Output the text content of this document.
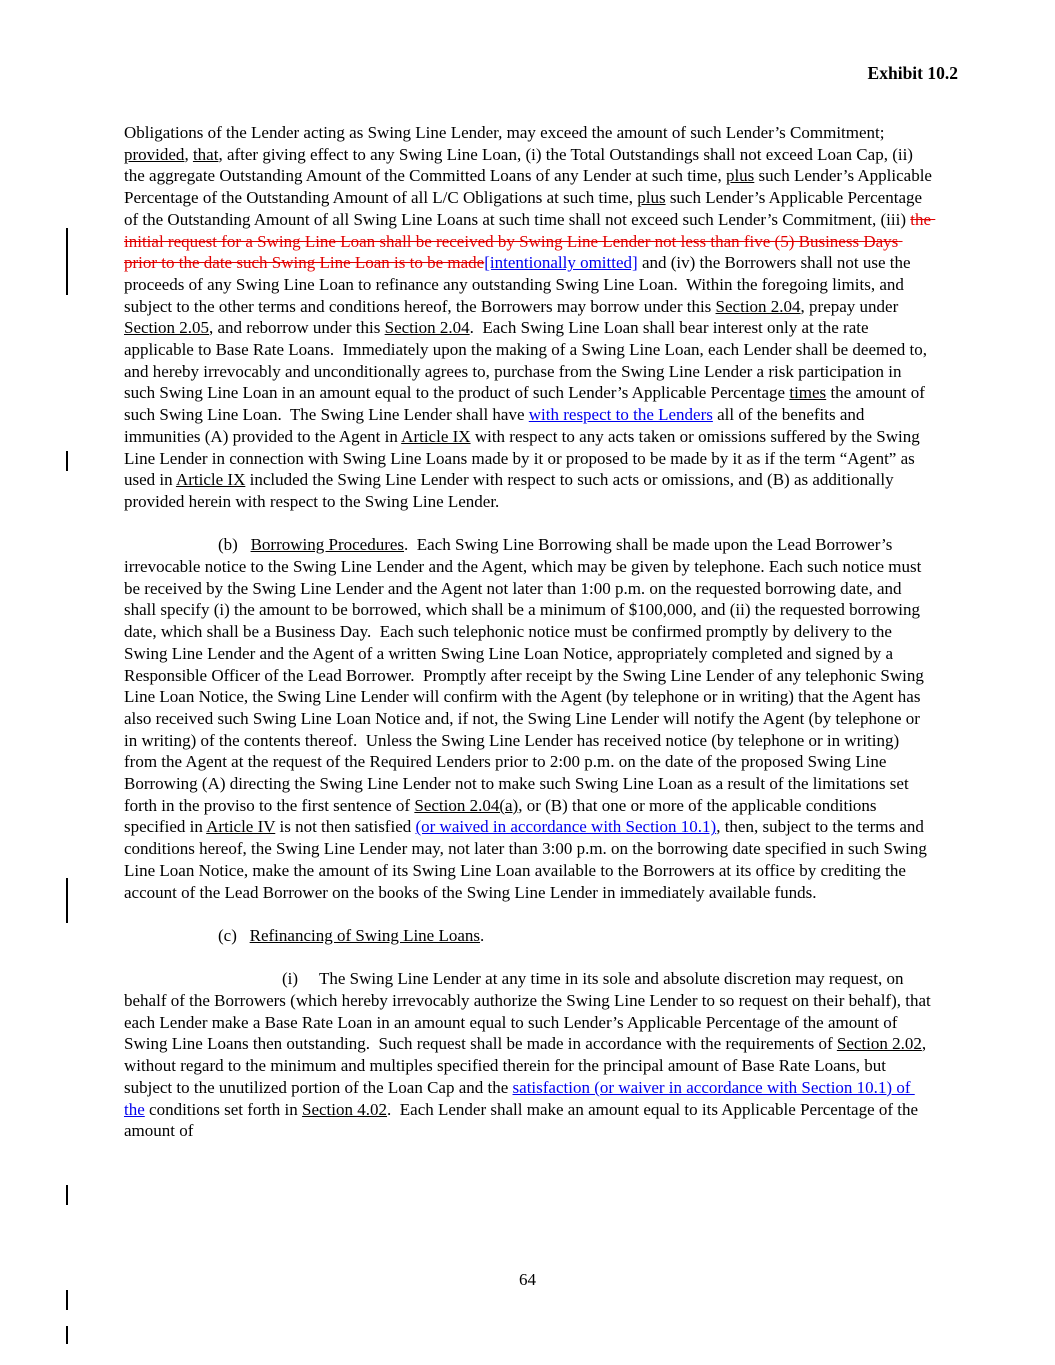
Exhibit 10.2

Obligations of the Lender acting as Swing Line Lender, may exceed the amount of such Lender’s Commitment; provided, that, after giving effect to any Swing Line Loan, (i) the Total Outstandings shall not exceed Loan Cap, (ii) the aggregate Outstanding Amount of the Committed Loans of any Lender at such time, plus such Lender’s Applicable Percentage of the Outstanding Amount of all L/C Obligations at such time, plus such Lender’s Applicable Percentage of the Outstanding Amount of all Swing Line Loans at such time shall not exceed such Lender’s Commitment, (iii) the initial request for a Swing Line Loan shall be received by Swing Line Lender not less than five (5) Business Days prior to the date such Swing Line Loan is to be made[intentionally omitted] and (iv) the Borrowers shall not use the proceeds of any Swing Line Loan to refinance any outstanding Swing Line Loan.  Within the foregoing limits, and subject to the other terms and conditions hereof, the Borrowers may borrow under this Section 2.04, prepay under Section 2.05, and reborrow under this Section 2.04.  Each Swing Line Loan shall bear interest only at the rate applicable to Base Rate Loans.  Immediately upon the making of a Swing Line Loan, each Lender shall be deemed to, and hereby irrevocably and unconditionally agrees to, purchase from the Swing Line Lender a risk participation in such Swing Line Loan in an amount equal to the product of such Lender’s Applicable Percentage times the amount of such Swing Line Loan.  The Swing Line Lender shall have with respect to the Lenders all of the benefits and immunities (A) provided to the Agent in Article IX with respect to any acts taken or omissions suffered by the Swing Line Lender in connection with Swing Line Loans made by it or proposed to be made by it as if the term “Agent” as used in Article IX included the Swing Line Lender with respect to such acts or omissions, and (B) as additionally provided herein with respect to the Swing Line Lender.

(b)   Borrowing Procedures.  Each Swing Line Borrowing shall be made upon the Lead Borrower’s irrevocable notice to the Swing Line Lender and the Agent, which may be given by telephone. Each such notice must be received by the Swing Line Lender and the Agent not later than 1:00 p.m. on the requested borrowing date, and shall specify (i) the amount to be borrowed, which shall be a minimum of $100,000, and (ii) the requested borrowing date, which shall be a Business Day.  Each such telephonic notice must be confirmed promptly by delivery to the Swing Line Lender and the Agent of a written Swing Line Loan Notice, appropriately completed and signed by a Responsible Officer of the Lead Borrower.  Promptly after receipt by the Swing Line Lender of any telephonic Swing Line Loan Notice, the Swing Line Lender will confirm with the Agent (by telephone or in writing) that the Agent has also received such Swing Line Loan Notice and, if not, the Swing Line Lender will notify the Agent (by telephone or in writing) of the contents thereof.  Unless the Swing Line Lender has received notice (by telephone or in writing) from the Agent at the request of the Required Lenders prior to 2:00 p.m. on the date of the proposed Swing Line Borrowing (A) directing the Swing Line Lender not to make such Swing Line Loan as a result of the limitations set forth in the proviso to the first sentence of Section 2.04(a), or (B) that one or more of the applicable conditions specified in Article IV is not then satisfied (or waived in accordance with Section 10.1), then, subject to the terms and conditions hereof, the Swing Line Lender may, not later than 3:00 p.m. on the borrowing date specified in such Swing Line Loan Notice, make the amount of its Swing Line Loan available to the Borrowers at its office by crediting the account of the Lead Borrower on the books of the Swing Line Lender in immediately available funds.

(c)   Refinancing of Swing Line Loans.

(i)     The Swing Line Lender at any time in its sole and absolute discretion may request, on behalf of the Borrowers (which hereby irrevocably authorize the Swing Line Lender to so request on their behalf), that each Lender make a Base Rate Loan in an amount equal to such Lender’s Applicable Percentage of the amount of Swing Line Loans then outstanding.  Such request shall be made in accordance with the requirements of Section 2.02, without regard to the minimum and multiples specified therein for the principal amount of Base Rate Loans, but subject to the unutilized portion of the Loan Cap and the satisfaction (or waiver in accordance with Section 10.1) of the conditions set forth in Section 4.02.  Each Lender shall make an amount equal to its Applicable Percentage of the amount of

64
